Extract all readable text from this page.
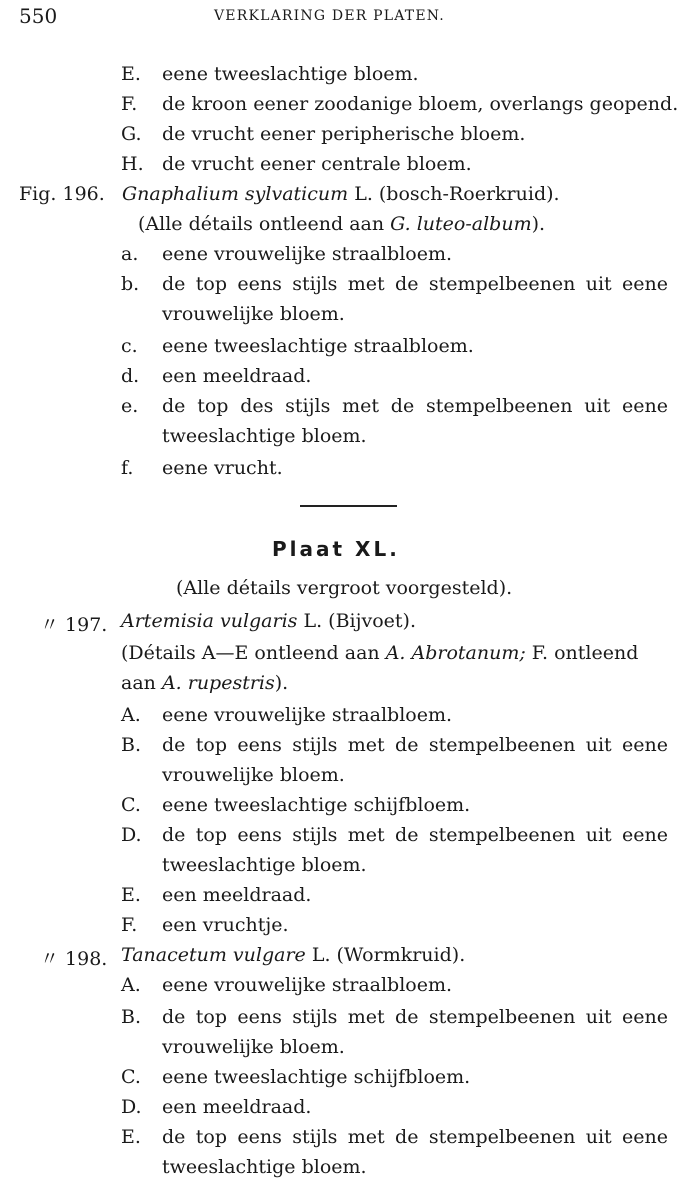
550	VERKLARING DER PLATEN.
E. eene tweeslachtige bloem.
F. de kroon eener zoodanige bloem, overlangs geopend.
G. de vrucht eener peripherische bloem.
H. de vrucht eener centrale bloem.
Fig. 196. Gnaphalium sylvaticum L. (bosch-Roerkruid).
(Alle détails ontleend aan G. luteo-album).
a. eene vrouwelijke straalbloem.
b. de top eens stijls met de stempelbeenen uit eene
vrouwelijke bloem.
c. eene tweeslachtige straalbloem.
d. een meeldraad.
e. de top des stijls met de stempelbeenen uit eene
tweeslachtige bloem.
f. eene vrucht.
Plaat XL.
(Alle détails vergroot voorgesteld).
〃 197. Artemisia vulgaris L. (Bijvoet).
(Détails A—E ontleend aan A. Abrotanum; F. ontleend
aan A. rupestris).
A. eene vrouwelijke straalbloem.
B. de top eens stijls met de stempelbeenen uit eene
vrouwelijke bloem.
C. eene tweeslachtige schijfbloem.
D. de top eens stijls met de stempelbeenen uit eene
tweeslachtige bloem.
E. een meeldraad.
F. een vruchtje.
〃 198. Tanacetum vulgare L. (Wormkruid).
A. eene vrouwelijke straalbloem.
B. de top eens stijls met de stempelbeenen uit eene
vrouwelijke bloem.
C. eene tweeslachtige schijfbloem.
D. een meeldraad.
E. de top eens stijls met de stempelbeenen uit eene
tweeslachtige bloem.
